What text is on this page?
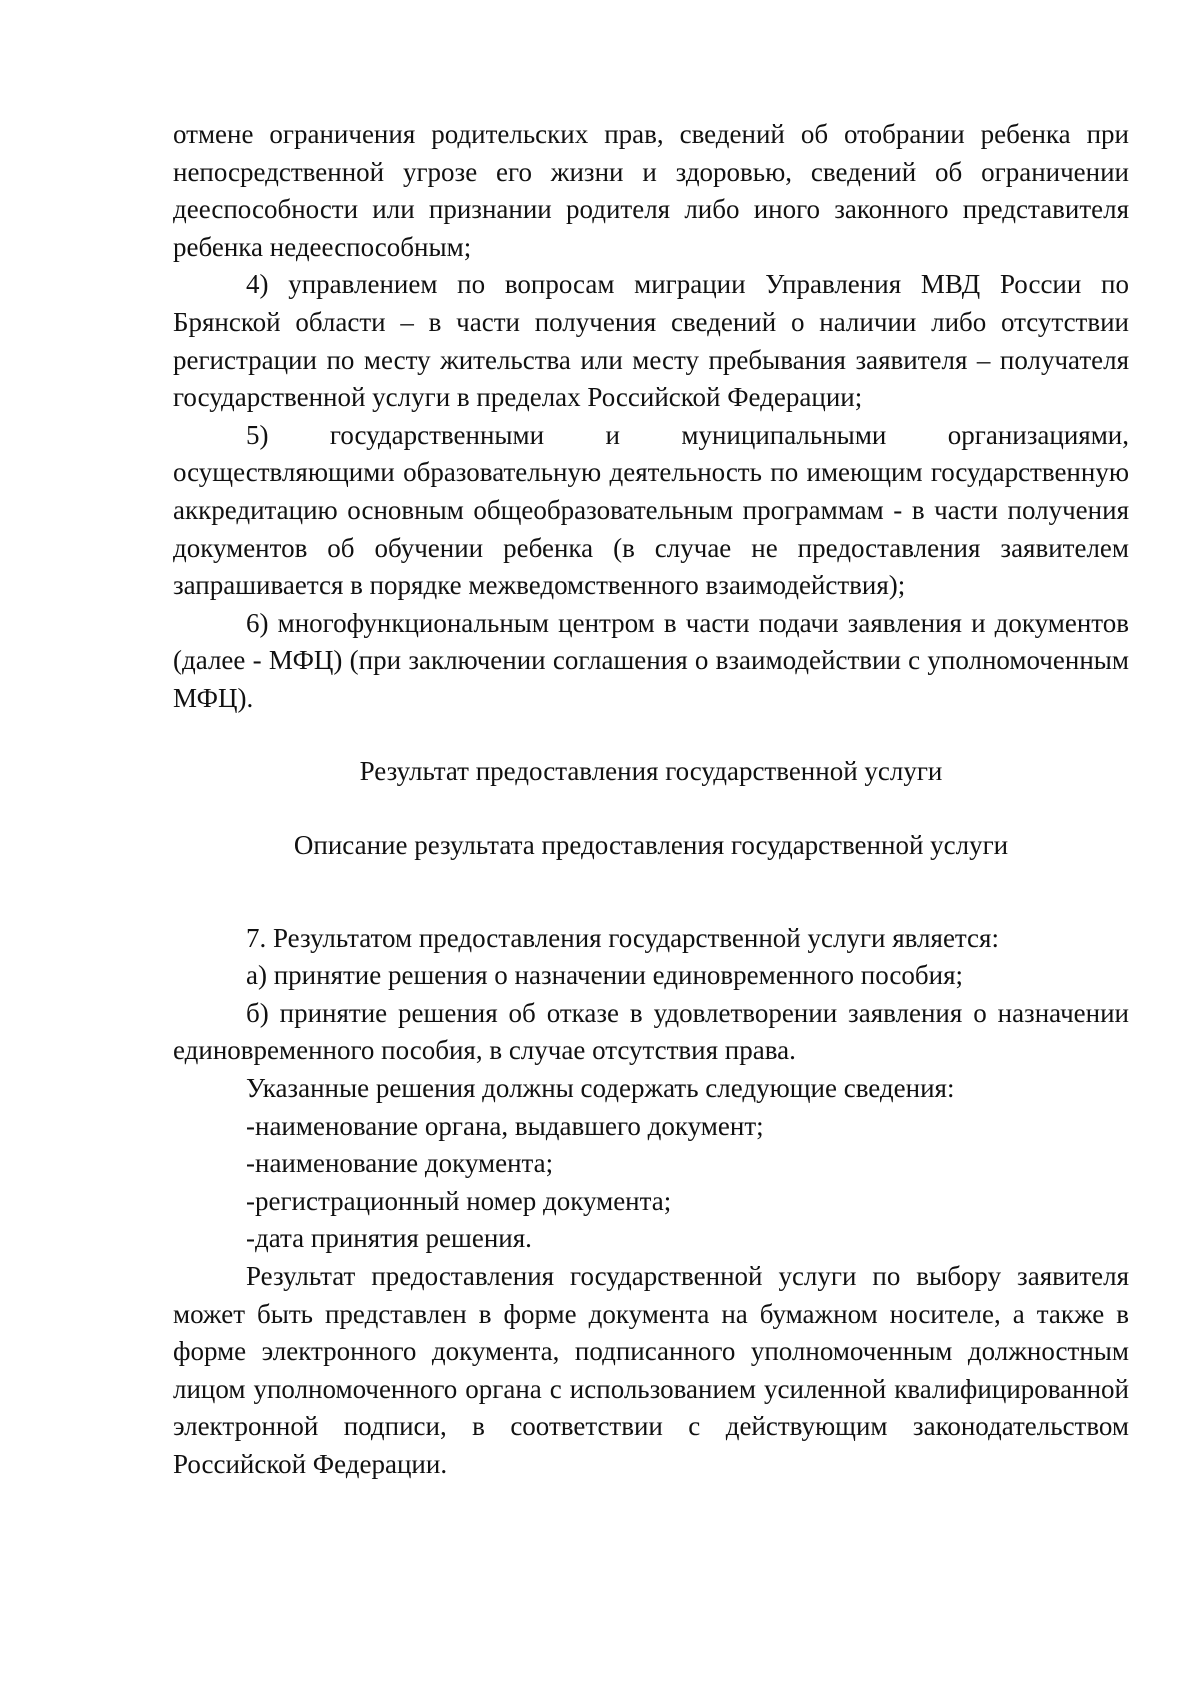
отмене ограничения родительских прав, сведений об отобрании ребенка при непосредственной угрозе его жизни и здоровью, сведений об ограничении дееспособности или признании родителя либо иного законного представителя ребенка недееспособным;

4) управлением по вопросам миграции Управления МВД России по Брянской области – в части получения сведений о наличии либо отсутствии регистрации по месту жительства или месту пребывания заявителя – получателя государственной услуги в пределах Российской Федерации;

5) государственными и муниципальными организациями, осуществляющими образовательную деятельность по имеющим государственную аккредитацию основным общеобразовательным программам - в части получения документов об обучении ребенка (в случае не предоставления заявителем запрашивается в порядке межведомственного взаимодействия);

6) многофункциональным центром в части подачи заявления и документов (далее - МФЦ) (при заключении соглашения о взаимодействии с уполномоченным МФЦ).

Результат предоставления государственной услуги

Описание результата предоставления государственной услуги

7. Результатом предоставления государственной услуги является:

а) принятие решения о назначении единовременного пособия;

б) принятие решения об отказе в удовлетворении заявления о назначении единовременного пособия, в случае отсутствия права.

Указанные решения должны содержать следующие сведения:

-наименование органа, выдавшего документ;

-наименование документа;

-регистрационный номер документа;

-дата принятия решения.

Результат предоставления государственной услуги по выбору заявителя может быть представлен в форме документа на бумажном носителе, а также в форме электронного документа, подписанного уполномоченным должностным лицом уполномоченного органа с использованием усиленной квалифицированной электронной подписи, в соответствии с действующим законодательством Российской Федерации.
